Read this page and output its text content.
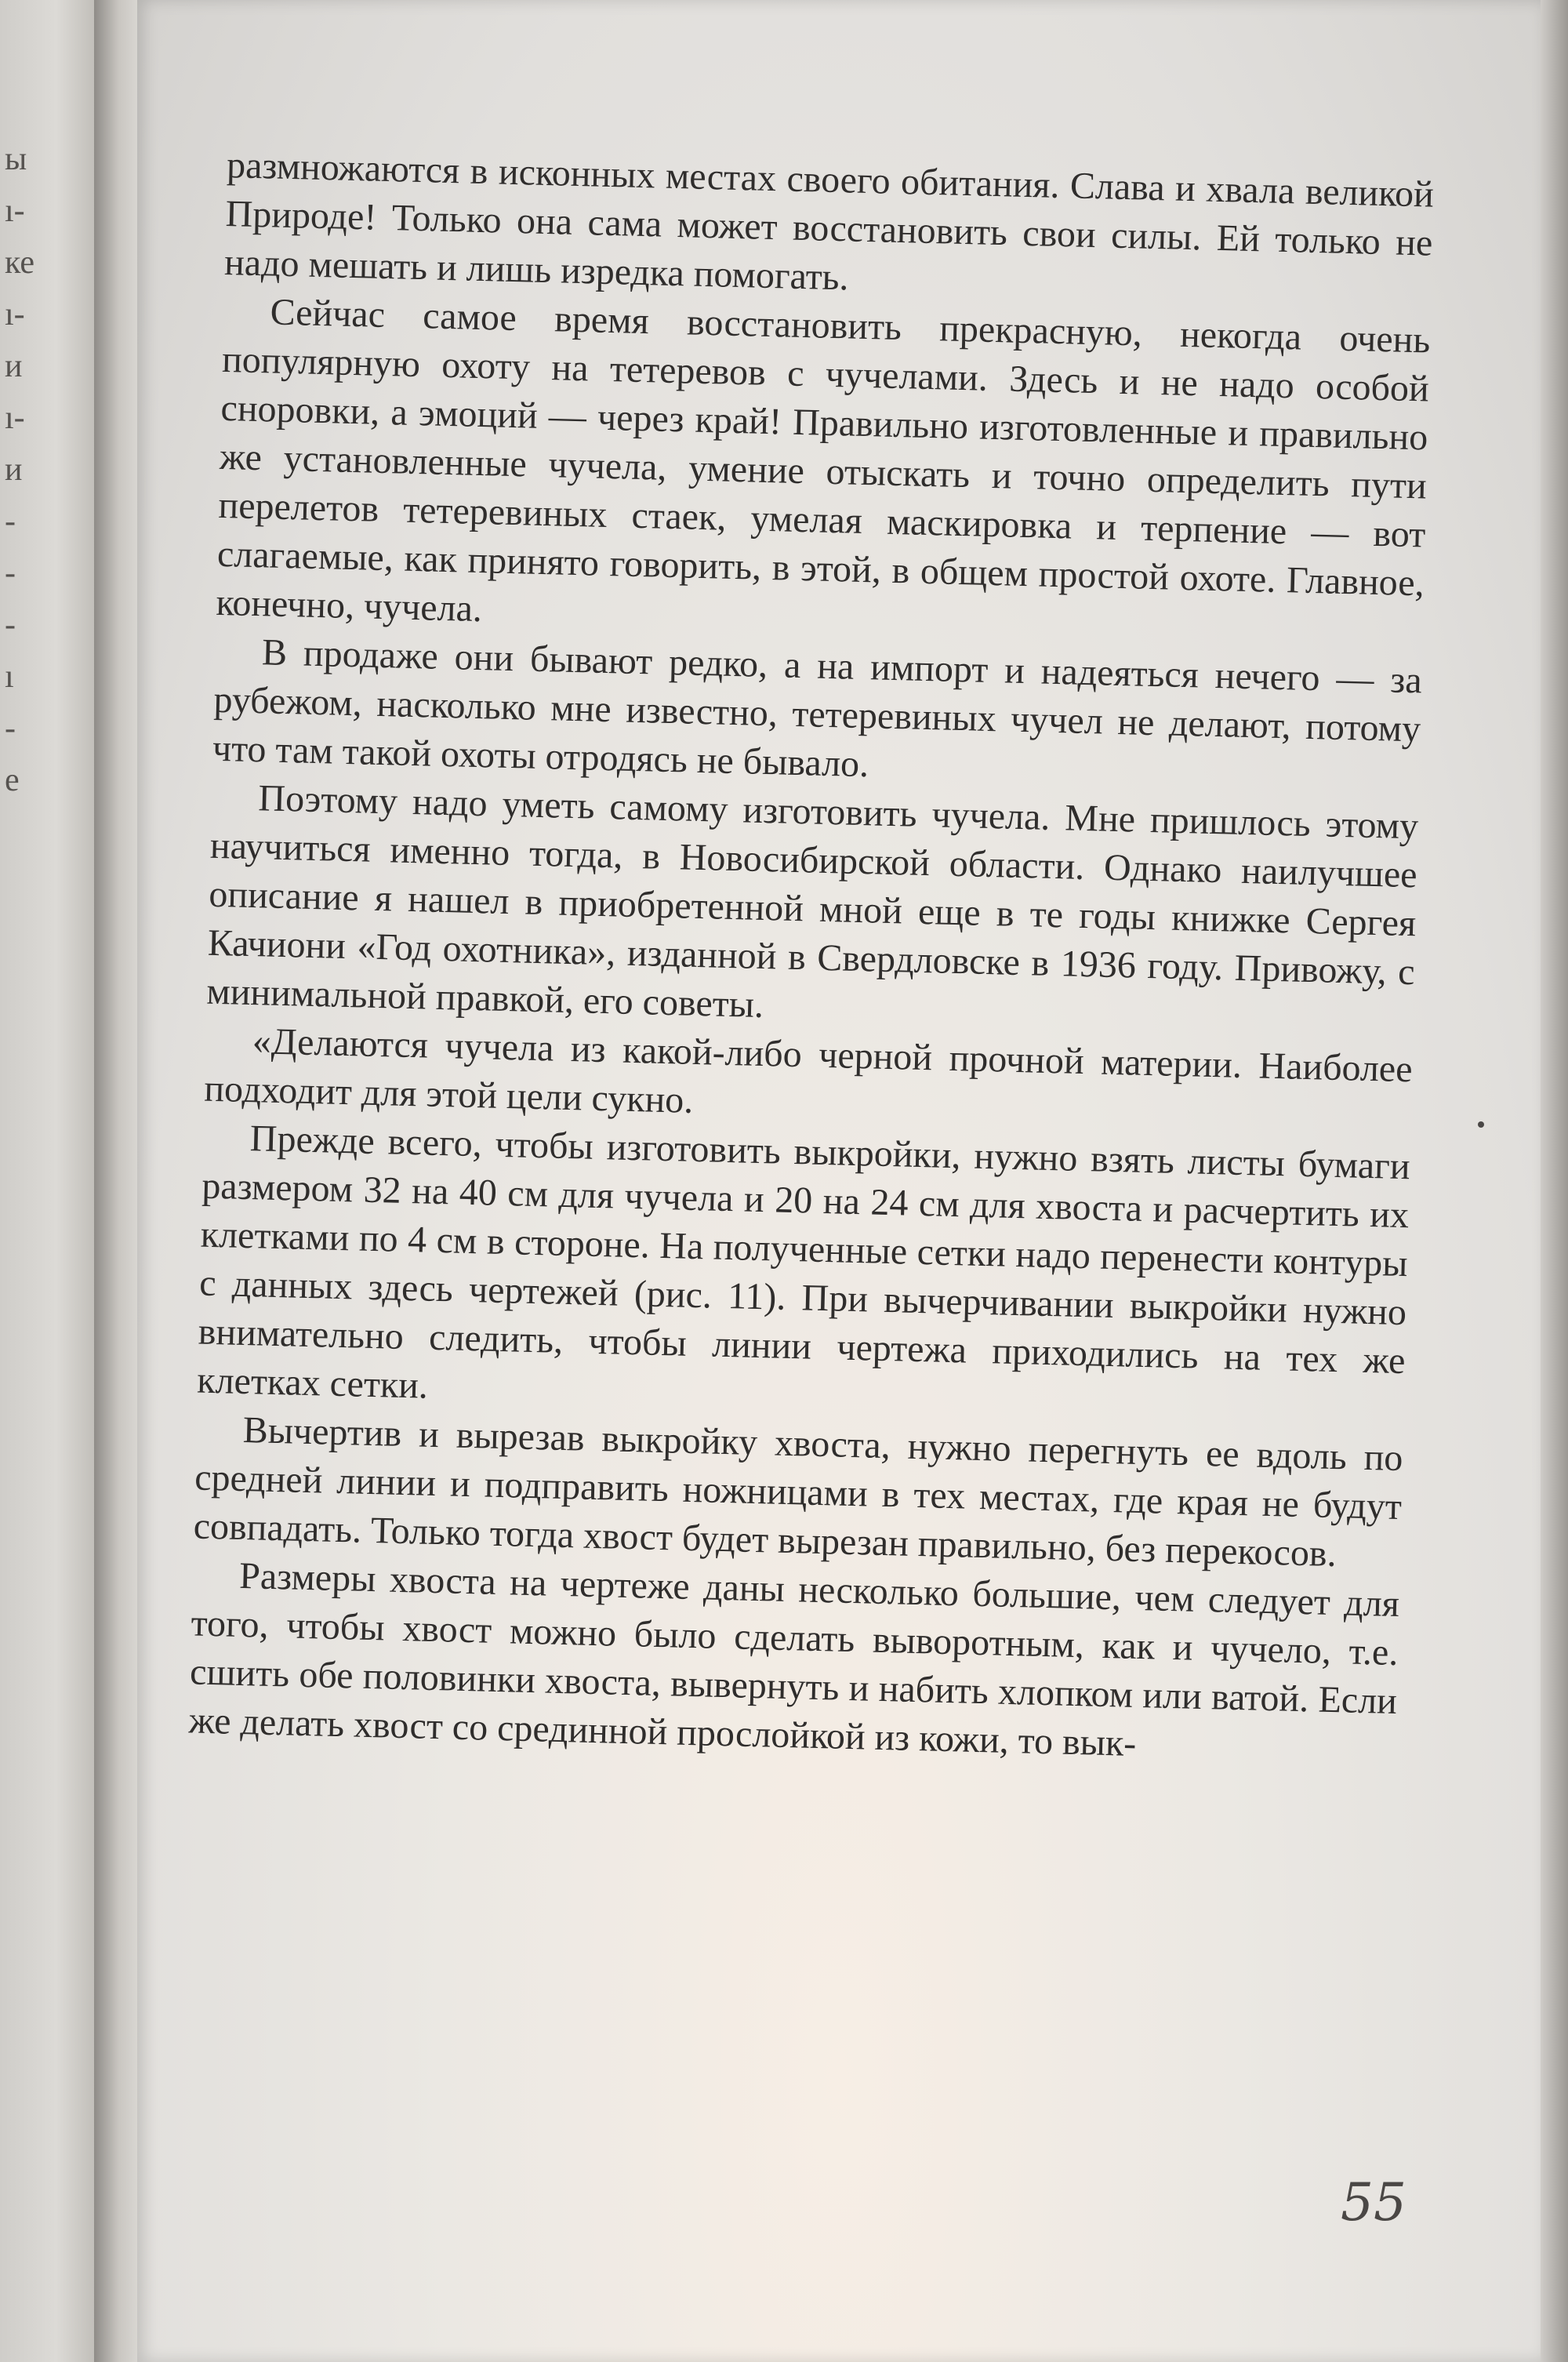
ы
ı-
ке
ı-
и
ı-
и
-
-
-
ı
-
е

размножаются в исконных местах своего обитания. Слава и хвала великой Природе! Только она сама может восстановить свои силы. Ей только не надо мешать и лишь изредка помогать.

Сейчас самое время восстановить прекрасную, некогда очень популярную охоту на тетеревов с чучелами. Здесь и не надо особой сноровки, а эмоций — через край! Правильно изготовленные и правильно же установленные чучела, умение отыскать и точно определить пути перелетов тетеревиных стаек, умелая маскировка и терпение — вот слагаемые, как принято говорить, в этой, в общем простой охоте. Главное, конечно, чучела.

В продаже они бывают редко, а на импорт и надеяться нечего — за рубежом, насколько мне известно, тетеревиных чучел не делают, потому что там такой охоты отродясь не бывало.

Поэтому надо уметь самому изготовить чучела. Мне пришлось этому научиться именно тогда, в Новосибирской области. Однако наилучшее описание я нашел в приобретенной мной еще в те годы книжке Сергея Качиони «Год охотника», изданной в Свердловске в 1936 году. Привожу, с минимальной правкой, его советы.

«Делаются чучела из какой-либо черной прочной материи. Наиболее подходит для этой цели сукно.

Прежде всего, чтобы изготовить выкройки, нужно взять листы бумаги размером 32 на 40 см для чучела и 20 на 24 см для хвоста и расчертить их клетками по 4 см в стороне. На полученные сетки надо перенести контуры с данных здесь чертежей (рис. 11). При вычерчивании выкройки нужно внимательно следить, чтобы линии чертежа приходились на тех же клетках сетки.

Вычертив и вырезав выкройку хвоста, нужно перегнуть ее вдоль по средней линии и подправить ножницами в тех местах, где края не будут совпадать. Только тогда хвост будет вырезан правильно, без перекосов.

Размеры хвоста на чертеже даны несколько большие, чем следует для того, чтобы хвост можно было сделать выворотным, как и чучело, т.е. сшить обе половинки хвоста, вывернуть и набить хлопком или ватой. Если же делать хвост со срединной прослойкой из кожи, то вык-

55
